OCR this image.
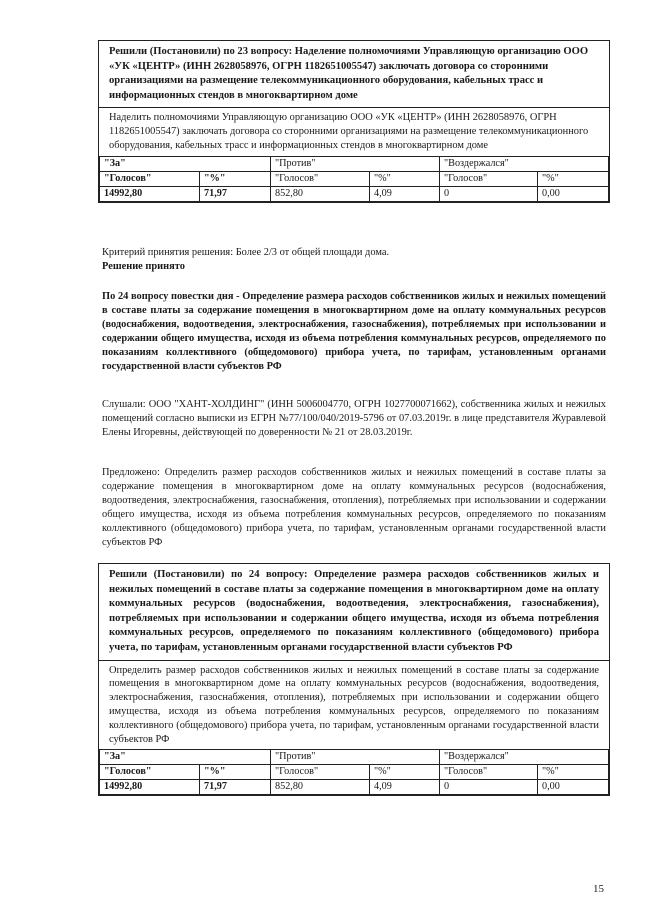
Решили (Постановили) по 23 вопросу: Наделение полномочиями Управляющую организацию ООО «УК «ЦЕНТР» (ИНН 2628058976, ОГРН 1182651005547) заключать договора со сторонними организациями на размещение телекоммуникационного оборудования, кабельных трасс и информационных стендов в многоквартирном доме
Наделить полномочиями Управляющую организацию ООО «УК «ЦЕНТР» (ИНН 2628058976, ОГРН 1182651005547) заключать договора со сторонними организациями на размещение телекоммуникационного оборудования, кабельных трасс и информационных стендов в многоквартирном доме
"За"		"Против"		"Воздержался"	
"Голосов"	"%"	"Голосов"	"%"	"Голосов"	"%"
14992,80	71,97	852,80	4,09	0	0,00
Критерий принятия решения: Более 2/3 от общей площади дома.
Решение принято
По 24 вопросу повестки дня - Определение размера расходов собственников жилых и нежилых помещений в составе платы за содержание помещения в многоквартирном доме на оплату коммунальных ресурсов (водоснабжения, водоотведения, электроснабжения, газоснабжения), потребляемых при использовании и содержании общего имущества, исходя из объема потребления коммунальных ресурсов, определяемого по показаниям коллективного (общедомового) прибора учета, по тарифам, установленным органами государственной власти субъектов РФ
Слушали: ООО "ХАНТ-ХОЛДИНГ" (ИНН 5006004770, ОГРН 1027700071662), собственника жилых и нежилых помещений согласно выписки из ЕГРН №77/100/040/2019-5796 от 07.03.2019г. в лице представителя Журавлевой Елены Игоревны, действующей по доверенности № 21 от 28.03.2019г.
Предложено: Определить размер расходов собственников жилых и нежилых помещений в составе платы за содержание помещения в многоквартирном доме на оплату коммунальных ресурсов (водоснабжения, водоотведения, электроснабжения, газоснабжения, отопления), потребляемых при использовании и содержании общего имущества, исходя из объема потребления коммунальных ресурсов, определяемого по показаниям коллективного (общедомового) прибора учета, по тарифам, установленным органами государственной власти субъектов РФ
Решили (Постановили) по 24 вопросу: Определение размера расходов собственников жилых и нежилых помещений в составе платы за содержание помещения в многоквартирном доме на оплату коммунальных ресурсов (водоснабжения, водоотведения, электроснабжения, газоснабжения), потребляемых при использовании и содержании общего имущества, исходя из объема потребления коммунальных ресурсов, определяемого по показаниям коллективного (общедомового) прибора учета, по тарифам, установленным органами государственной власти субъектов РФ
Определить размер расходов собственников жилых и нежилых помещений в составе платы за содержание помещения в многоквартирном доме на оплату коммунальных ресурсов (водоснабжения, водоотведения, электроснабжения, газоснабжения, отопления), потребляемых при использовании и содержании общего имущества, исходя из объема потребления коммунальных ресурсов, определяемого по показаниям коллективного (общедомового) прибора учета, по тарифам, установленным органами государственной власти субъектов РФ
"За"		"Против"		"Воздержался"	
"Голосов"	"%"	"Голосов"	"%"	"Голосов"	"%"
14992,80	71,97	852,80	4,09	0	0,00
15
